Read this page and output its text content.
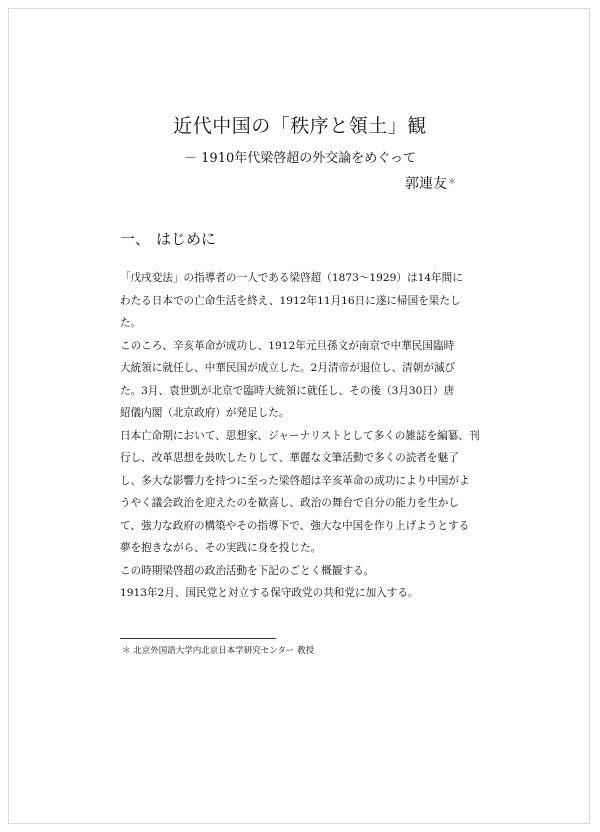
近代中国の「秩序と領土」観
－ 1910年代梁啓超の外交論をめぐって
郭連友＊
一、 はじめに
「戊戌変法」の指導者の一人である梁啓超（1873～1929）は14年間に
わたる日本での亡命生活を終え、1912年11月16日に遂に帰国を果たし
た。
このころ、辛亥革命が成功し、1912年元旦孫文が南京で中華民国臨時
大統領に就任し、中華民国が成立した。2月清帝が退位し、清朝が滅び
た。3月、袁世凱が北京で臨時大統領に就任し、その後（3月30日）唐
紹儀内閣（北京政府）が発足した。
日本亡命期において、思想家、ジャーナリストとして多くの雑誌を編纂、刊
行し、改革思想を鼓吹したりして、華麗な文筆活動で多くの読者を魅了
し、多大な影響力を持つに至った梁啓超は辛亥革命の成功により中国がよ
うやく議会政治を迎えたのを歓喜し、政治の舞台で自分の能力を生かし
て、強力な政府の構築やその指導下で、強大な中国を作り上げようとする
夢を抱きながら、その実践に身を投じた。
この時期梁啓超の政治活動を下記のごとく概観する。
1913年2月、国民党と対立する保守政党の共和党に加入する。
＊ 北京外国語大学内北京日本学研究センター 教授
